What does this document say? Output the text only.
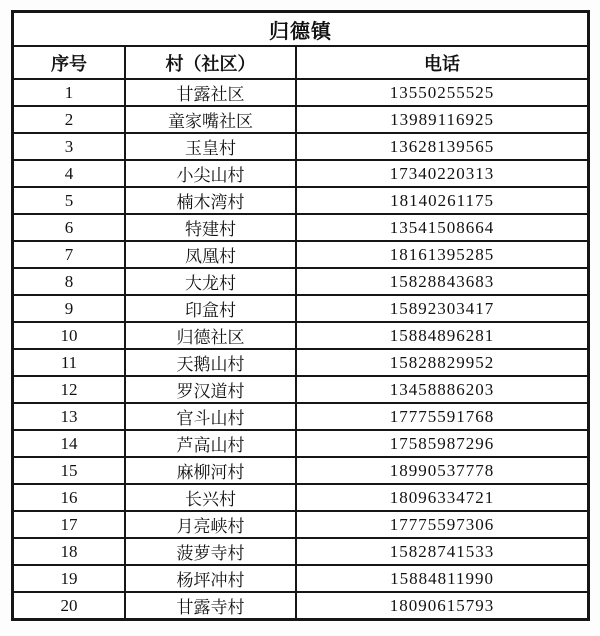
归德镇		
序号	村（社区）	电话
1	甘露社区	13550255525
2	童家嘴社区	13989116925
3	玉皇村	13628139565
4	小尖山村	17340220313
5	楠木湾村	18140261175
6	特建村	13541508664
7	凤凰村	18161395285
8	大龙村	15828843683
9	印盒村	15892303417
10	归德社区	15884896281
11	天鹅山村	15828829952
12	罗汉道村	13458886203
13	官斗山村	17775591768
14	芦高山村	17585987296
15	麻柳河村	18990537778
16	长兴村	18096334721
17	月亮峡村	17775597306
18	菠萝寺村	15828741533
19	杨坪冲村	15884811990
20	甘露寺村	18090615793
